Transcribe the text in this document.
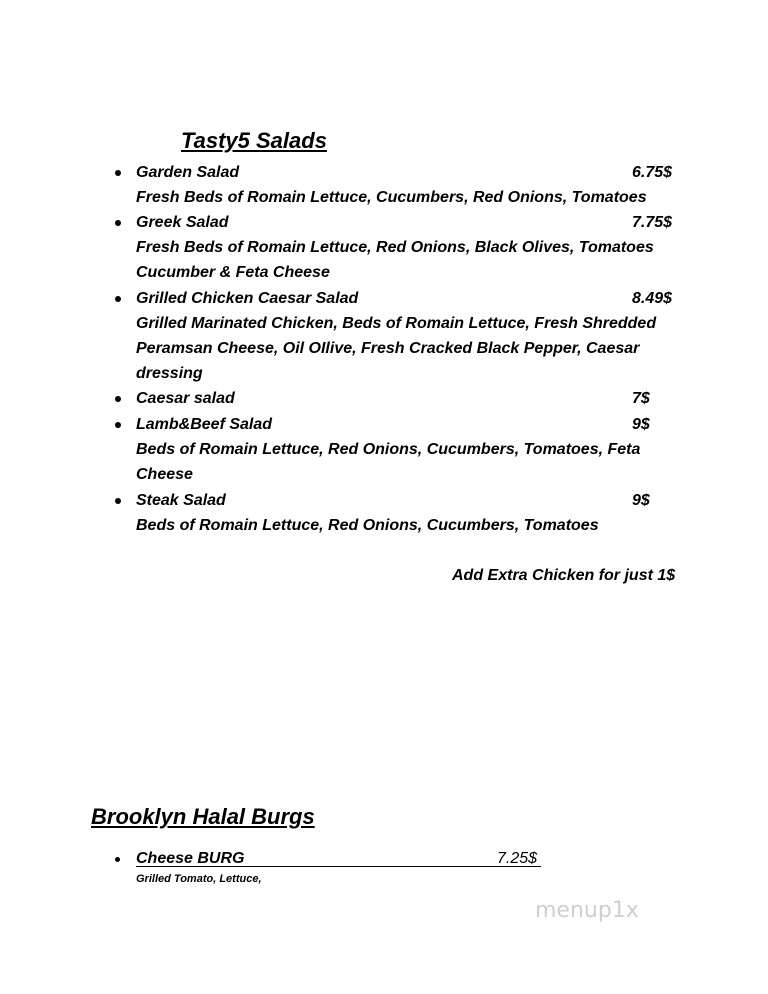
Tasty5 Salads
Garden Salad	6.75$
Fresh Beds of Romain Lettuce, Cucumbers, Red Onions, Tomatoes
Greek Salad	7.75$
Fresh Beds of Romain Lettuce, Red Onions, Black Olives, Tomatoes
Cucumber & Feta Cheese
Grilled Chicken Caesar Salad	8.49$
Grilled Marinated Chicken, Beds of Romain Lettuce, Fresh Shredded
Peramsan Cheese, Oil OIlive, Fresh Cracked Black Pepper, Caesar
dressing
Caesar salad	7$
Lamb&Beef Salad	9$
Beds of Romain Lettuce, Red Onions, Cucumbers, Tomatoes, Feta
Cheese
Steak Salad	9$
Beds of Romain Lettuce, Red Onions, Cucumbers, Tomatoes
Add Extra Chicken for just 1$
Brooklyn Halal Burgs
Cheese BURG	7.25$
Grilled Tomato, Lettuce,
menup1x
